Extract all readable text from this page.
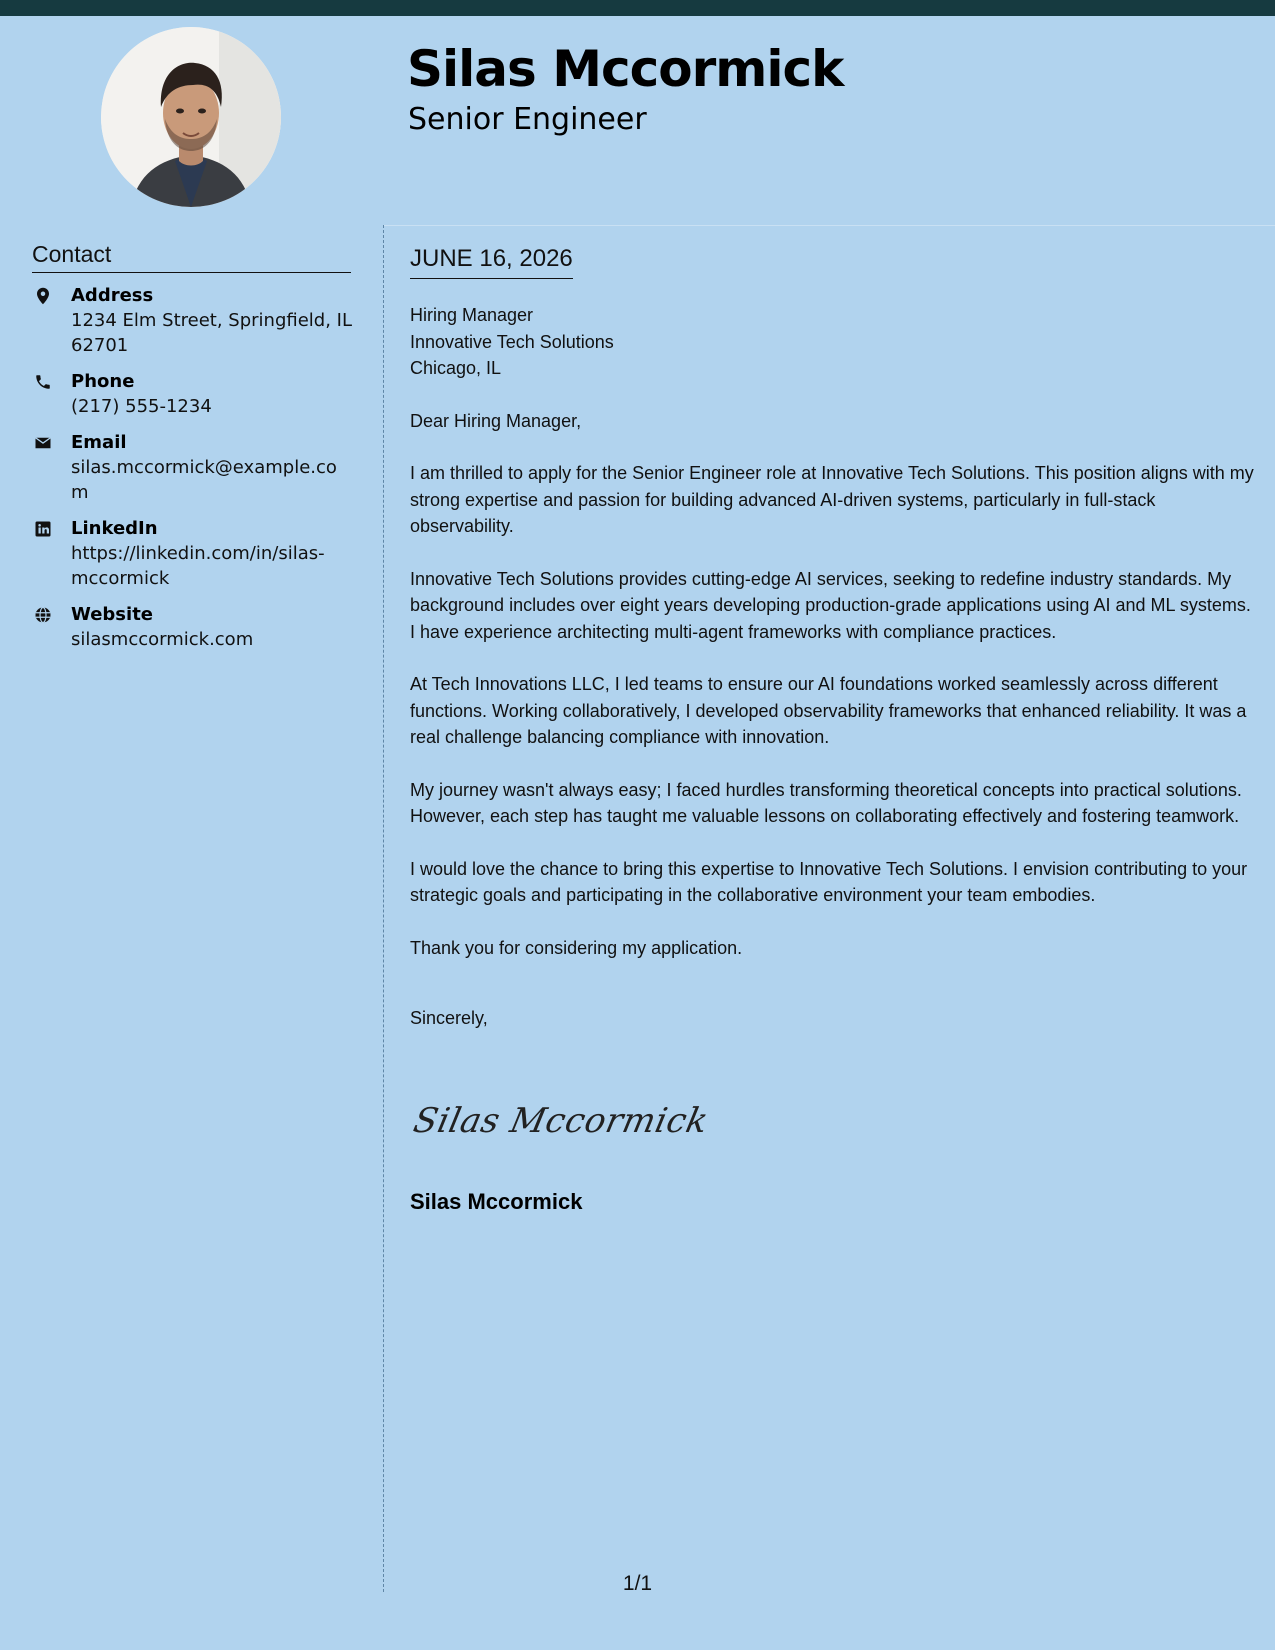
Silas Mccormick
Senior Engineer
Contact
Address
1234 Elm Street, Springfield, IL 62701
Phone
(217) 555-1234
Email
silas.mccormick@example.com
LinkedIn
https://linkedin.com/in/silas-mccormick
Website
silasmccormick.com
JUNE 16, 2026

Hiring Manager
Innovative Tech Solutions
Chicago, IL

Dear Hiring Manager,

I am thrilled to apply for the Senior Engineer role at Innovative Tech Solutions. This position aligns with my strong expertise and passion for building advanced AI-driven systems, particularly in full-stack observability.

Innovative Tech Solutions provides cutting-edge AI services, seeking to redefine industry standards. My background includes over eight years developing production-grade applications using AI and ML systems. I have experience architecting multi-agent frameworks with compliance practices.

At Tech Innovations LLC, I led teams to ensure our AI foundations worked seamlessly across different functions. Working collaboratively, I developed observability frameworks that enhanced reliability. It was a real challenge balancing compliance with innovation.

My journey wasn't always easy; I faced hurdles transforming theoretical concepts into practical solutions. However, each step has taught me valuable lessons on collaborating effectively and fostering teamwork.

I would love the chance to bring this expertise to Innovative Tech Solutions. I envision contributing to your strategic goals and participating in the collaborative environment your team embodies.

Thank you for considering my application.

Sincerely,

Silas Mccormick
Silas Mccormick
1/1
